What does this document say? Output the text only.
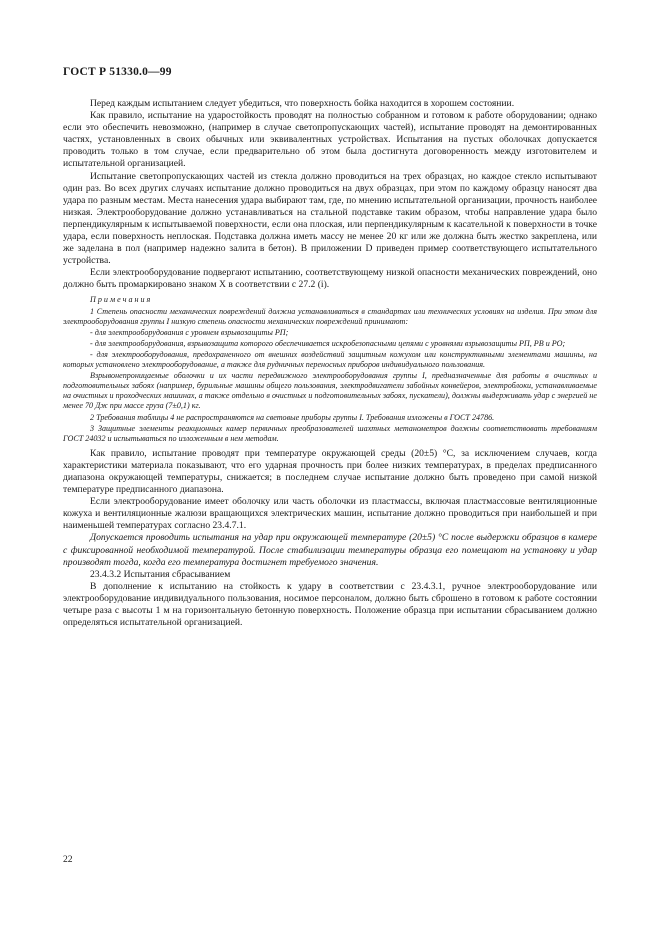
ГОСТ Р 51330.0—99

Перед каждым испытанием следует убедиться, что поверхность бойка находится в хорошем состоянии.

Как правило, испытание на ударостойкость проводят на полностью собранном и готовом к работе оборудовании; однако если это обеспечить невозможно, (например в случае светопропускающих частей), испытание проводят на демонтированных частях, установленных в своих обычных или эквивалентных устройствах. Испытания на пустых оболочках допускается проводить только в том случае, если предварительно об этом была достигнута договоренность между изготовителем и испытательной организацией.

Испытание светопропускающих частей из стекла должно проводиться на трех образцах, но каждое стекло испытывают один раз. Во всех других случаях испытание должно проводиться на двух образцах, при этом по каждому образцу наносят два удара по разным местам. Места нанесения удара выбирают там, где, по мнению испытательной организации, прочность наиболее низкая. Электрооборудование должно устанавливаться на стальной подставке таким образом, чтобы направление удара было перпендикулярным к испытываемой поверхности, если она плоская, или перпендикулярным к касательной к поверхности в точке удара, если поверхность неплоская. Подставка должна иметь массу не менее 20 кг или же должна быть жестко закреплена, или же заделана в пол (например надежно залита в бетон). В приложении D приведен пример соответствующего испытательного устройства.

Если электрооборудование подвергают испытанию, соответствующему низкой опасности механических повреждений, оно должно быть промаркировано знаком X в соответствии с 27.2 (i).

Примечания

1 Степень опасности механических повреждений должна устанавливаться в стандартах или технических условиях на изделия. При этом для электрооборудования группы I низкую степень опасности механических повреждений принимают:

- для электрооборудования с уровнем взрывозащиты РП;

- для электрооборудования, взрывозащита которого обеспечивается искробезопасными цепями с уровнями взрывозащиты РП, РВ и РО;

- для электрооборудования, предохраненного от внешних воздействий защитным кожухом или конструктивными элементами машины, на которых установлено электрооборудование, а также для рудничных переносных приборов индивидуального пользования.

Взрывонепроницаемые оболочки и их части передвижного электрооборудования группы I, предназначенные для работы в очистных и подготовительных забоях (например, бурильные машины общего пользования, электродвигатели забойных конвейеров, электроблоки, устанавливаемые на очистных и проходческих машинах, а также отдельно в очистных и подготовительных забоях, пускатели), должны выдерживать удар с энергией не менее 70 Дж при массе груза (7±0,1) кг.

2 Требования таблицы 4 не распространяются на световые приборы группы I. Требования изложены в ГОСТ 24786.

3 Защитные элементы реакционных камер первичных преобразователей шахтных метанометров должны соответствовать требованиям ГОСТ 24032 и испытываться по изложенным в нем методам.

Как правило, испытание проводят при температуре окружающей среды (20±5) °С, за исключением случаев, когда характеристики материала показывают, что его ударная прочность при более низких температурах, в пределах предписанного диапазона окружающей температуры, снижается; в последнем случае испытание должно быть проведено при самой низкой температуре предписанного диапазона.

Если электрооборудование имеет оболочку или часть оболочки из пластмассы, включая пластмассовые вентиляционные кожуха и вентиляционные жалюзи вращающихся электрических машин, испытание должно проводиться при наибольшей и при наименьшей температурах согласно 23.4.7.1.

Допускается проводить испытания на удар при окружающей температуре (20±5) °С после выдержки образцов в камере с фиксированной необходимой температурой. После стабилизации температуры образца его помещают на установку и удар производят тогда, когда его температура достигнет требуемого значения.

23.4.3.2 Испытания сбрасыванием

В дополнение к испытанию на стойкость к удару в соответствии с 23.4.3.1, ручное электрооборудование или электрооборудование индивидуального пользования, носимое персоналом, должно быть сброшено в готовом к работе состоянии четыре раза с высоты 1 м на горизонтальную бетонную поверхность. Положение образца при испытании сбрасыванием должно определяться испытательной организацией.

22
